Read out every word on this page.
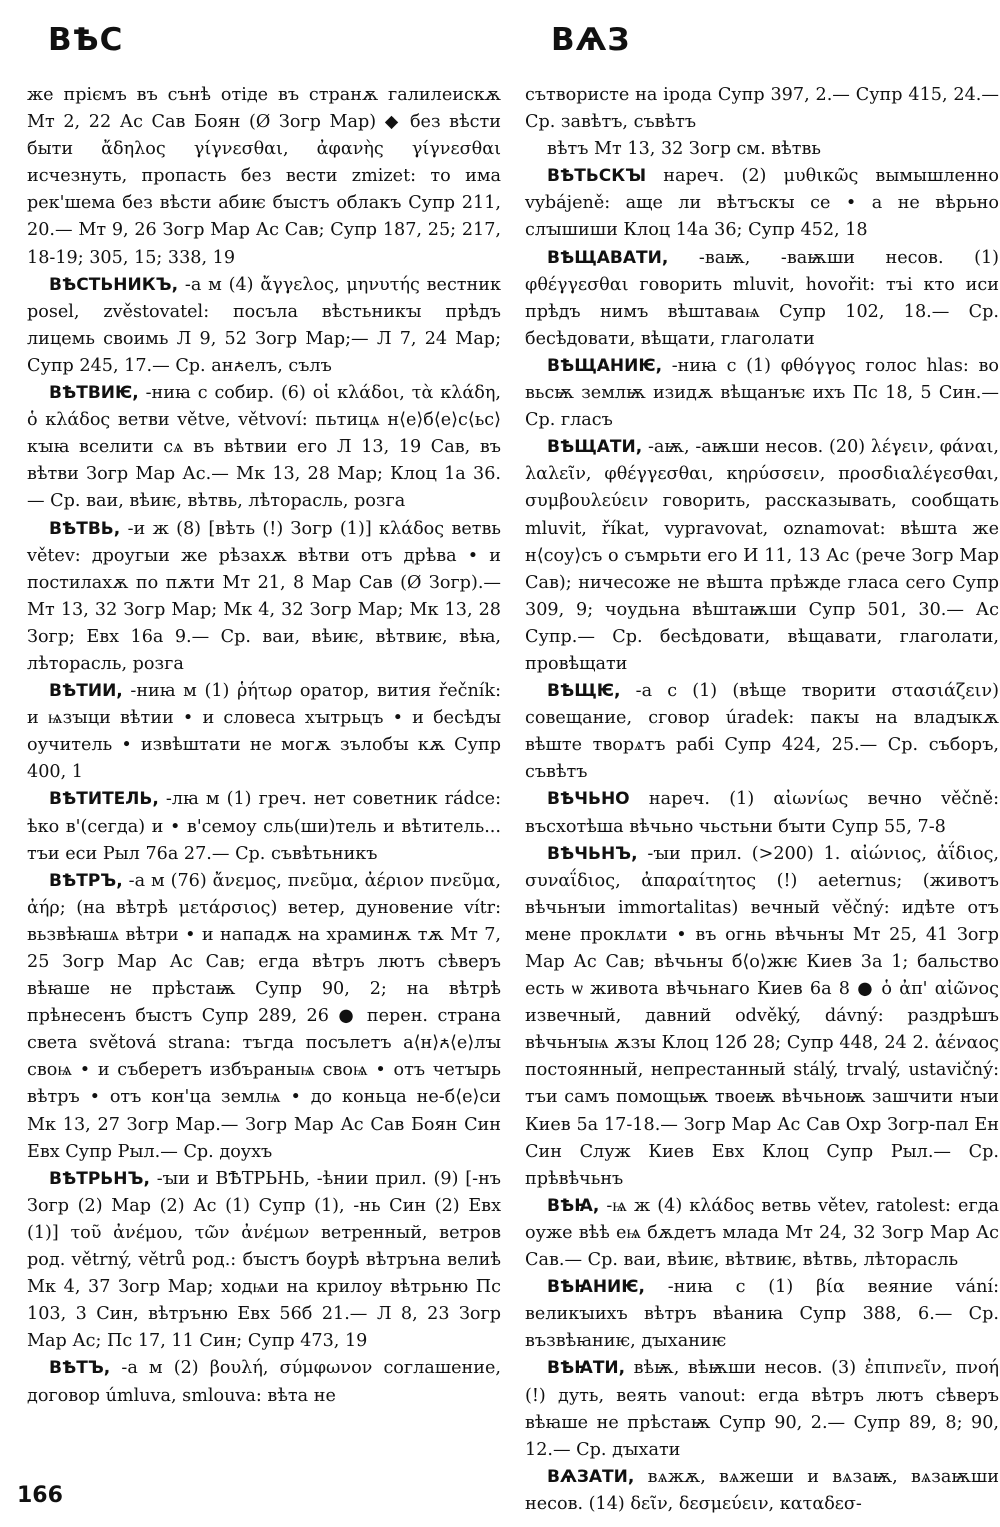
ВѢС	ВѦЗ

же пріємъ въ сънѣ отіде въ странѫ галилеискѫ Мт 2, 22 Ас Сав Боян (Ø Зогр Мар) ◆ без вѣсти быти ἄδηλος γίγνεσθαι, ἀφανὴς γίγνεσθαι исчезнуть, пропасть без вести zmizet: то има рек'шема без вѣсти абиѥ бꙑстъ облакъ Супр 211, 20.— Мт 9, 26 Зогр Мар Ас Сав; Супр 187, 25; 217, 18-19; 305, 15; 338, 19

ВѢСТЬНИКЪ, -а м (4) ἄγγελος, μηνυτής вестник posel, zvěstovatel: посъла вѣстьникꙑ прѣдъ лицемь своимь Л 9, 52 Зогр Мар;— Л 7, 24 Мар; Супр 245, 17.— Ср. анꙉелъ, сълъ

ВѢТВИѤ, -ниꙗ с собир. (6) οἱ κλάδοι, τὰ κλάδη, ὁ κλάδος ветви větve, větvoví: пьтицѧ н⟨е⟩б⟨е⟩с⟨ьс⟩кꙑꙗ вселити сѧ въ вѣтвии его Л 13, 19 Сав, въ вѣтви Зогр Мар Ас.— Мк 13, 28 Мар; Клоц 1а 36.— Ср. ваи, вѣиѥ, вѣтвь, лѣторасль, розга

ВѢТВЬ, -и ж (8) [вѣть (!) Зогр (1)] κλάδος ветвь větev: дроугыи же рѣзахѫ вѣтви отъ дрѣва • и постилахѫ по пѫти Мт 21, 8 Мар Сав (Ø Зогр).— Мт 13, 32 Зогр Мар; Мк 4, 32 Зогр Мар; Мк 13, 28 Зогр; Евх 16а 9.— Ср. ваи, вѣиѥ, вѣтвиѥ, вѣꙗ, лѣторасль, розга

ВѢТИИ, -ниꙗ м (1) ῥήτωρ оратор, вития řečník: и ѩзꙑци вѣтии • и словеса хꙑтрьцъ • и бесѣдꙑ оучитель • извѣштати не могѫ зълобꙑ кѫ Супр 400, 1

ВѢТИТЕЛЬ, -лꙗ м (1) греч. нет советник rádce: ѣко в'(сегда) и • в'семоу сль(ши)тель и вѣтитель... тъи еси Рыл 76а 27.— Ср. съвѣтьникъ

ВѢТРЪ, -а м (76) ἄνεμος, πνεῦμα, ἀέριον πνεῦμα, ἀήρ; (на вѣтрѣ μετάρσιος) ветер, дуновение vítr: вьзвѣꙗшѧ вѣтри • и нападѫ на храминѫ тѫ Мт 7, 25 Зогр Мар Ас Сав; егда вѣтръ лютъ сѣверъ вѣꙗше не прѣстаѭ Супр 90, 2; на вѣтрѣ прѣнесенъ бꙑстъ Супр 289, 26 ● перен. страна света světová strana: тъгда посълетъ а⟨н⟩ꙉ⟨е⟩лꙑ своѩ • и съберетъ избъраныѩ своѩ • отъ четꙑрь вѣтръ • отъ кон'ца землѩ • до коньца не-б⟨е⟩си Мк 13, 27 Зогр Мар.— Зогр Мар Ас Сав Боян Син Евх Супр Рыл.— Ср. доухъ

ВѢТРЬНЪ, -ꙑи и ВѢТРЬНЬ, -ѣнии прил. (9) [-нъ Зогр (2) Мар (2) Ас (1) Супр (1), -нь Син (2) Евх (1)] τοῦ ἀνέμου, τῶν ἀνέμων ветренный, ветров род. větrný, větrů род.: бꙑстъ боурѣ вѣтръна велиѣ Мк 4, 37 Зогр Мар; ходѩи на крилоу вѣтрьню Пс 103, 3 Син, вѣтръню Евх 56б 21.— Л 8, 23 Зогр Мар Ас; Пс 17, 11 Син; Супр 473, 19

ВѢТЪ, -а м (2) βουλή, σύμφωνον соглашение, договор úmluva, smlouva: вѣта не

сътвористе на ірода Супр 397, 2.— Супр 415, 24.— Ср. завѣтъ, съвѣтъ

вѣтъ Мт 13, 32 Зогр см. вѣтвь

ВѢТЬСКꙐ нареч. (2) μυθικῶς вымышленно vybájeně: аще ли вѣтъскꙑ се • а не вѣрьно слꙑшиши Клоц 14а 36; Супр 452, 18

ВѢЩАВАТИ, -ваѭ, -ваѭши несов. (1) φθέγγεσθαι говорить mluvit, hovořit: тъі кто иси прѣдъ нимъ вѣштаваѩ Супр 102, 18.— Ср. бесѣдовати, вѣщати, глаголати

ВѢЩАНИѤ, -ниꙗ с (1) φθόγγος голос hlas: во вьсѭ землѭ изидѫ вѣщанъѥ ихъ Пс 18, 5 Син.— Ср. гласъ

ВѢЩАТИ, -аѭ, -аѭши несов. (20) λέγειν, φάναι, λαλεῖν, φθέγγεσθαι, κηρύσσειν, προσδιαλέγεσθαι, συμβουλεύειν говорить, рассказывать, сообщать mluvit, říkat, vypravovat, oznamovat: вѣшта же н⟨сoу⟩съ о съмрьти его И 11, 13 Ас (рече Зогр Мар Сав); ничесоже не вѣшта прѣжде гласа сего Супр 309, 9; чоудьна вѣштаѭши Супр 501, 30.— Ас Супр.— Ср. бесѣдовати, вѣщавати, глаголати, провѣщати

ВѢЩѤ, -а с (1) (вѣще творити στασιάζειν) совещание, сговор úradek: пакꙑ на владꙑкѫ вѣште творѧтъ рабі Супр 424, 25.— Ср. съборъ, съвѣтъ

ВѢЧЬНО нареч. (1) αἰωνίως вечно věčně: въсхотѣша вѣчьно чьстьни бꙑти Супр 55, 7-8

ВѢЧЬНЪ, -ꙑи прил. (>200) 1. αἰώνιος, ἀΐδιος, συναΐδιος, ἀπαραίτητος (!) aeternus; (животъ вѣчьнꙑи immortalitas) вечный věčný: идѣте отъ мене проклѧти • въ огнь вѣчьнꙑ Мт 25, 41 Зогр Мар Ас Сав; вѣчьнꙑ б⟨о⟩жѥ Киев 3а 1; бальство есть ѡ живота вѣчьнаго Киев 6а 8 ● ὁ ἀπ' αἰῶνος извечный, давний odvěký, dávný: раздрѣшъ вѣчьнꙑѩ ѫзꙑ Клоц 12б 28; Супр 448, 24 2. ἀέναος постоянный, непрестанный stálý, trvalý, ustavičný: тъи самъ помощьѭ твоеѭ вѣчьноѭ зашчити нꙑи Киев 5а 17-18.— Зогр Мар Ас Сав Охр Зогр-пал Ен Син Служ Киев Евх Клоц Супр Рыл.— Ср. прѣвѣчьнъ

ВѢꙖ, -ѩ ж (4) κλάδος ветвь větev, ratolest: егда оуже вѣѣ еѩ бѫдетъ млада Мт 24, 32 Зогр Мар Ас Сав.— Ср. ваи, вѣиѥ, вѣтвиѥ, вѣтвь, лѣторасль

ВѢꙖНИѤ, -ниꙗ с (1) βία веяние vání: великꙑихъ вѣтръ вѣаниꙗ Супр 388, 6.— Ср. възвѣꙗниѥ, дꙑханиѥ

ВѢꙖТИ, вѣѭ, вѣѭши несов. (3) ἐπιπνεῖν, πνοή (!) дуть, веять vanout: егда вѣтръ лютъ сѣверъ вѣꙗше не прѣстаѭ Супр 90, 2.— Супр 89, 8; 90, 12.— Ср. дꙑхати

ВѦЗАТИ, вѧжѫ, вѧжеши и вѧзаѭ, вѧзаѭши несов. (14) δεῖν, δεσμεύειν, καταδεσ-

166
